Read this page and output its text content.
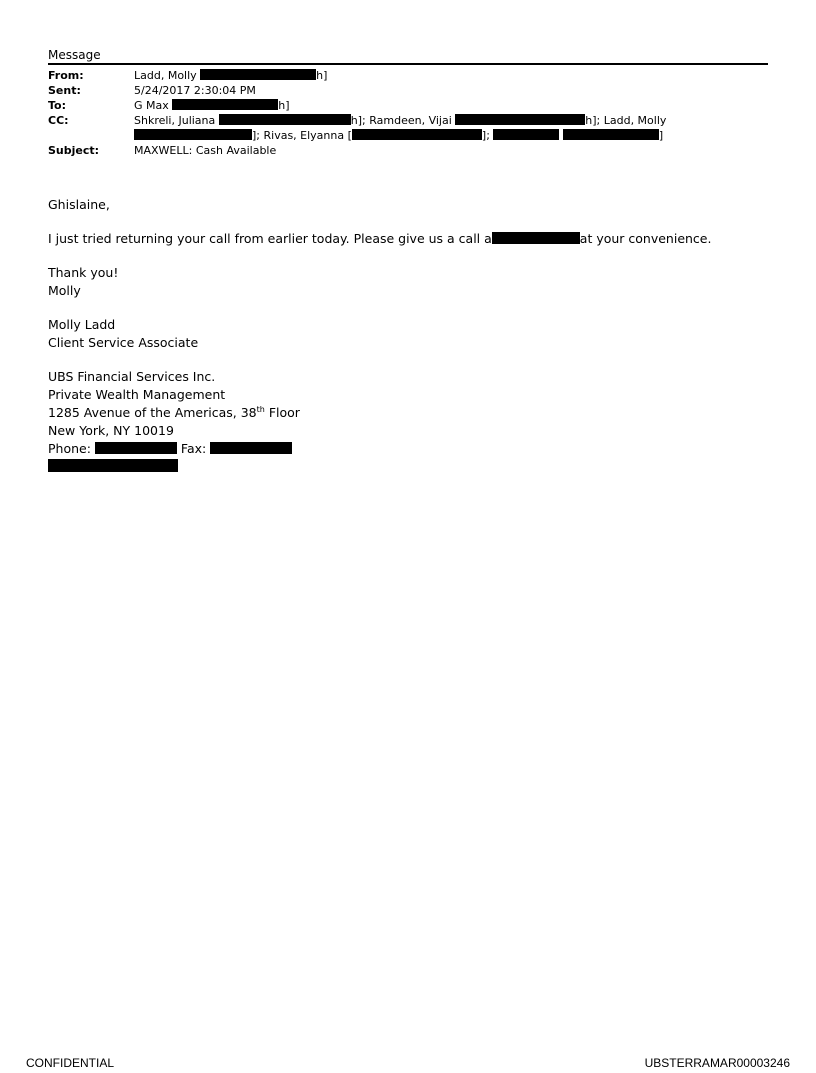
Message
From:	Ladd, Molly	h]
Sent:	5/24/2017 2:30:04 PM
To:	G Max	h]
CC:	Shkreli, Juliana	h]; Ramdeen, Vijai	h]; Ladd, Molly
]; Rivas, Elyanna [	];	]
Subject:	MAXWELL: Cash Available

Ghislaine,

I just tried returning your call from earlier today. Please give us a call a	at your convenience.

Thank you!
Molly

Molly Ladd
Client Service Associate

UBS Financial Services Inc.
Private Wealth Management
1285 Avenue of the Americas, 38th Floor
New York, NY 10019
Phone:	Fax:

CONFIDENTIAL	UBSTERRAMAR00003246
